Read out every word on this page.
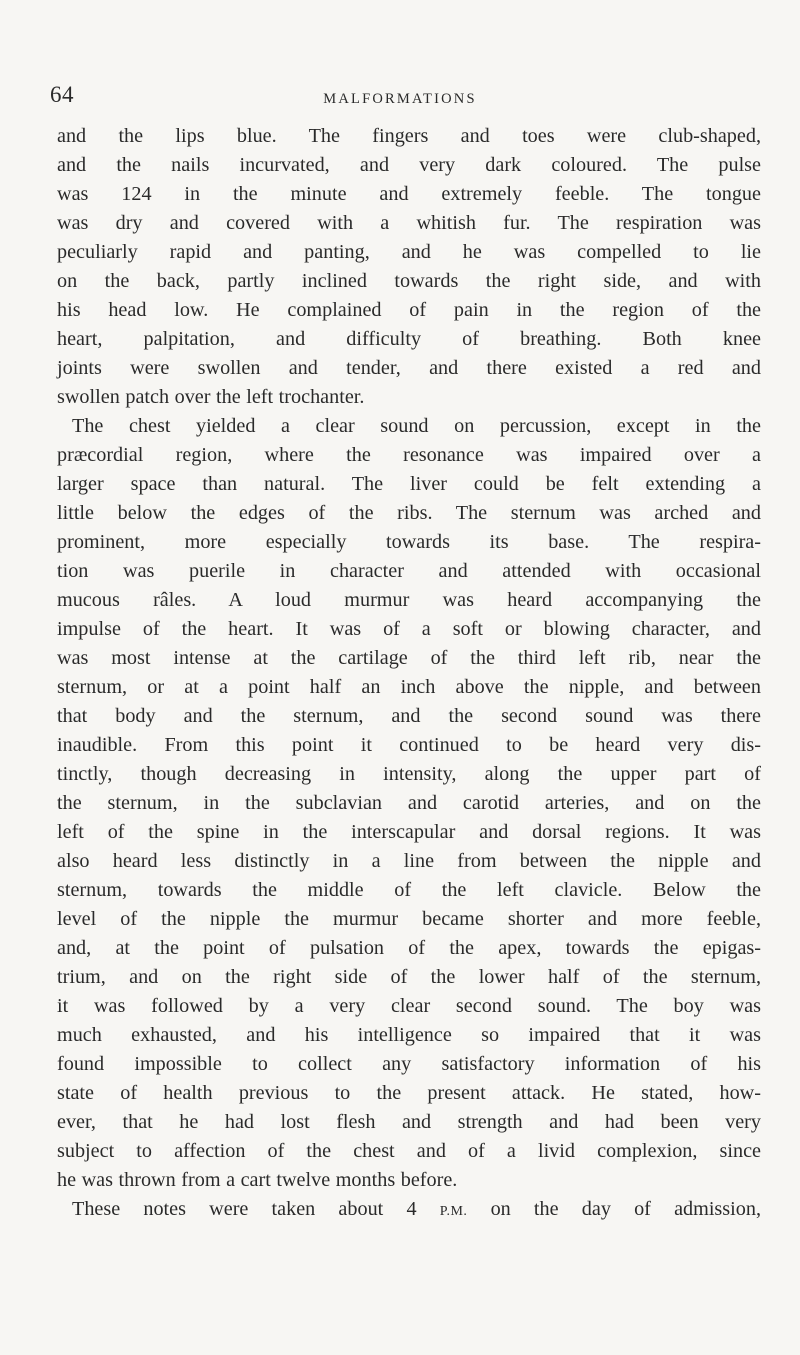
64	MALFORMATIONS
and the lips blue. The fingers and toes were club-shaped,
and the nails incurvated, and very dark coloured. The pulse
was 124 in the minute and extremely feeble. The tongue
was dry and covered with a whitish fur. The respiration was
peculiarly rapid and panting, and he was compelled to lie
on the back, partly inclined towards the right side, and with
his head low. He complained of pain in the region of the
heart, palpitation, and difficulty of breathing. Both knee
joints were swollen and tender, and there existed a red and
swollen patch over the left trochanter.
The chest yielded a clear sound on percussion, except in the
præcordial region, where the resonance was impaired over a
larger space than natural. The liver could be felt extending a
little below the edges of the ribs. The sternum was arched and
prominent, more especially towards its base. The respira-
tion was puerile in character and attended with occasional
mucous râles. A loud murmur was heard accompanying the
impulse of the heart. It was of a soft or blowing character, and
was most intense at the cartilage of the third left rib, near the
sternum, or at a point half an inch above the nipple, and between
that body and the sternum, and the second sound was there
inaudible. From this point it continued to be heard very dis-
tinctly, though decreasing in intensity, along the upper part of
the sternum, in the subclavian and carotid arteries, and on the
left of the spine in the interscapular and dorsal regions. It was
also heard less distinctly in a line from between the nipple and
sternum, towards the middle of the left clavicle. Below the
level of the nipple the murmur became shorter and more feeble,
and, at the point of pulsation of the apex, towards the epigas-
trium, and on the right side of the lower half of the sternum,
it was followed by a very clear second sound. The boy was
much exhausted, and his intelligence so impaired that it was
found impossible to collect any satisfactory information of his
state of health previous to the present attack. He stated, how-
ever, that he had lost flesh and strength and had been very
subject to affection of the chest and of a livid complexion, since
he was thrown from a cart twelve months before.
These notes were taken about 4 P.M. on the day of admission,
